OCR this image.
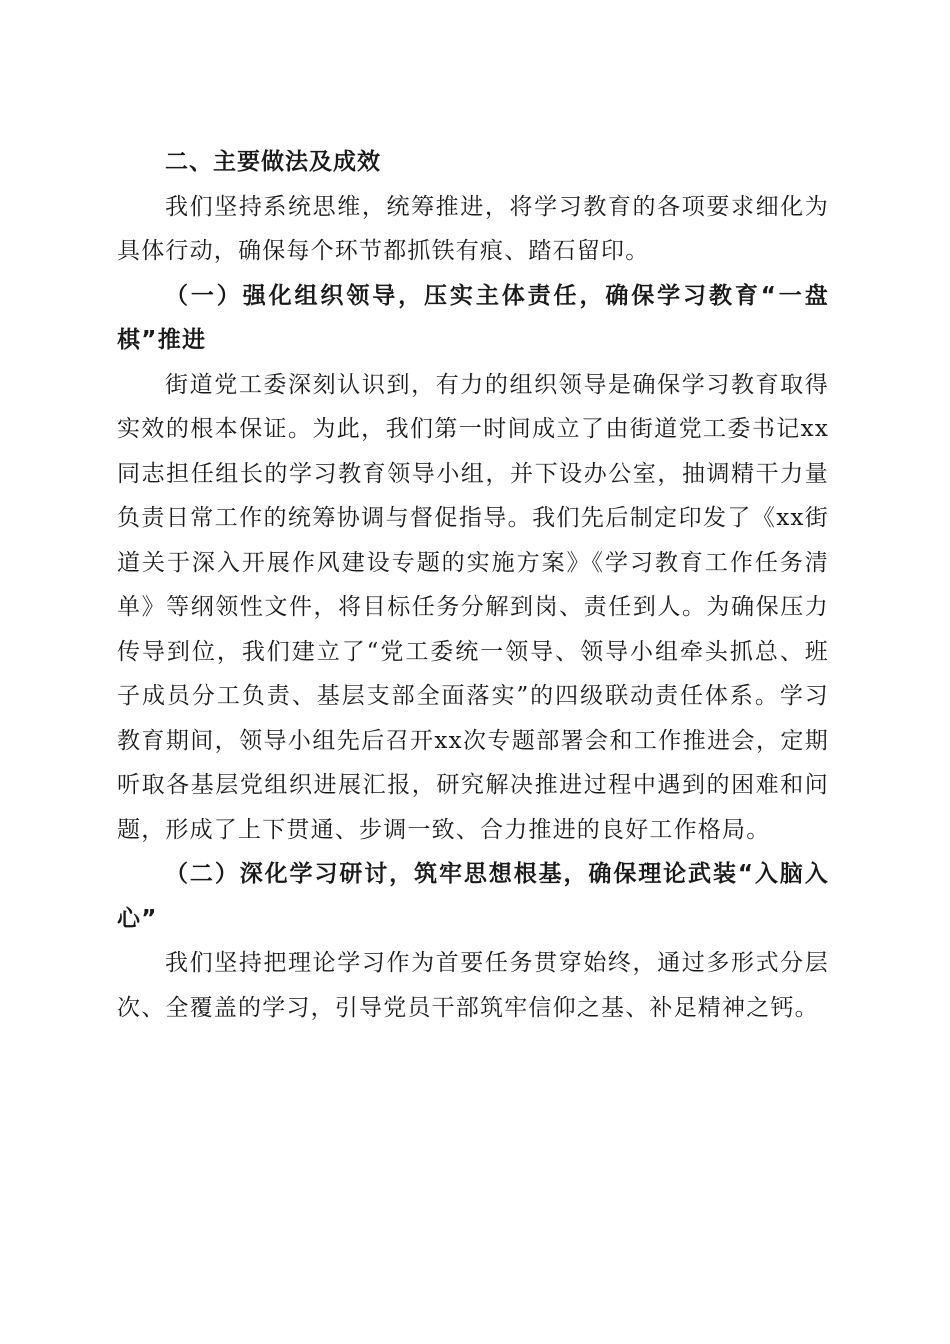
二、主要做法及成效

我们坚持系统思维，统筹推进，将学习教育的各项要求细化为具体行动，确保每个环节都抓铁有痕、踏石留印。

（一）强化组织领导，压实主体责任，确保学习教育“一盘棋”推进

街道党工委深刻认识到，有力的组织领导是确保学习教育取得实效的根本保证。为此，我们第一时间成立了由街道党工委书记xx同志担任组长的学习教育领导小组，并下设办公室，抽调精干力量负责日常工作的统筹协调与督促指导。我们先后制定印发了《xx街道关于深入开展作风建设专题的实施方案》《学习教育工作任务清单》等纲领性文件，将目标任务分解到岗、责任到人。为确保压力传导到位，我们建立了“党工委统一领导、领导小组牵头抓总、班子成员分工负责、基层支部全面落实”的四级联动责任体系。学习教育期间，领导小组先后召开xx次专题部署会和工作推进会，定期听取各基层党组织进展汇报，研究解决推进过程中遇到的困难和问题，形成了上下贯通、步调一致、合力推进的良好工作格局。

（二）深化学习研讨，筑牢思想根基，确保理论武装“入脑入心”

我们坚持把理论学习作为首要任务贯穿始终，通过多形式分层次、全覆盖的学习，引导党员干部筑牢信仰之基、补足精神之钙。
